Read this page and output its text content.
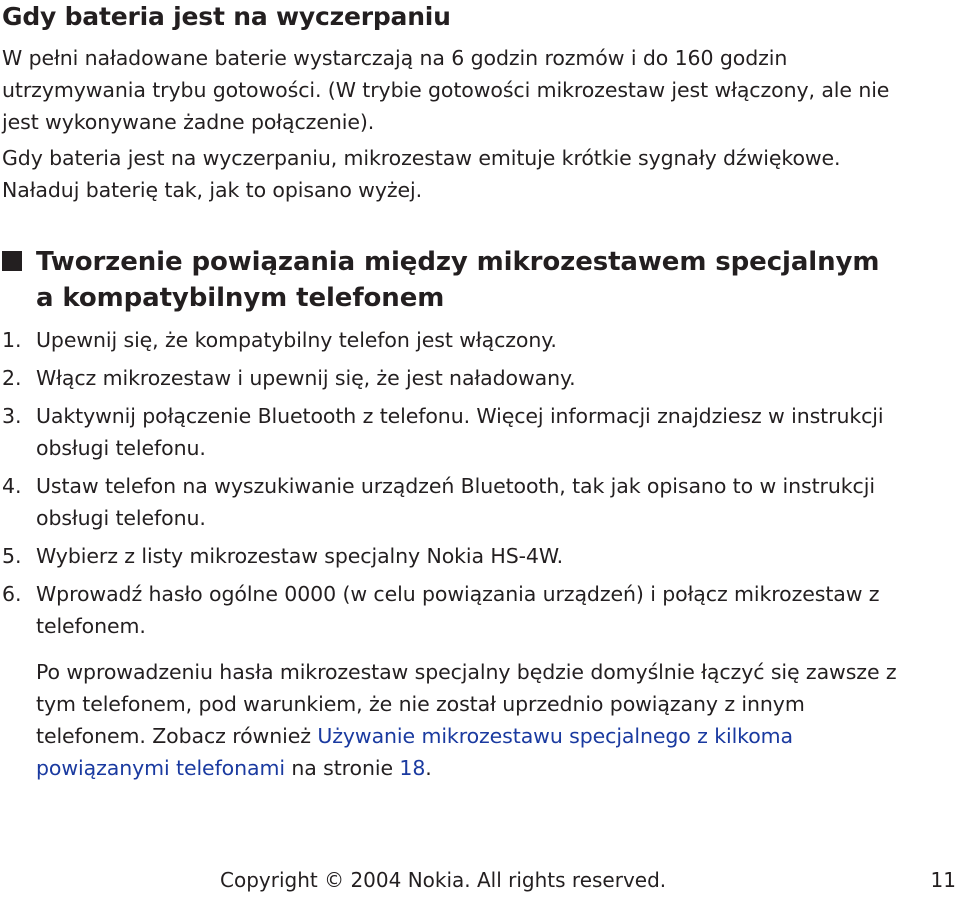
Gdy bateria jest na wyczerpaniu

W pełni naładowane baterie wystarczają na 6 godzin rozmów i do 160 godzin utrzymywania trybu gotowości. (W trybie gotowości mikrozestaw jest włączony, ale nie jest wykonywane żadne połączenie).

Gdy bateria jest na wyczerpaniu, mikrozestaw emituje krótkie sygnały dźwiękowe. Naładuj baterię tak, jak to opisano wyżej.

Tworzenie powiązania między mikrozestawem specjalnym a kompatybilnym telefonem
1. Upewnij się, że kompatybilny telefon jest włączony.
2. Włącz mikrozestaw i upewnij się, że jest naładowany.
3. Uaktywnij połączenie Bluetooth z telefonu. Więcej informacji znajdziesz w instrukcji obsługi telefonu.
4. Ustaw telefon na wyszukiwanie urządzeń Bluetooth, tak jak opisano to w instrukcji obsługi telefonu.
5. Wybierz z listy mikrozestaw specjalny Nokia HS-4W.
6. Wprowadź hasło ogólne 0000 (w celu powiązania urządzeń) i połącz mikrozestaw z telefonem.

Po wprowadzeniu hasła mikrozestaw specjalny będzie domyślnie łączyć się zawsze z tym telefonem, pod warunkiem, że nie został uprzednio powiązany z innym telefonem. Zobacz również Używanie mikrozestawu specjalnego z kilkoma powiązanymi telefonami na stronie 18.

Copyright © 2004 Nokia. All rights reserved.	11
